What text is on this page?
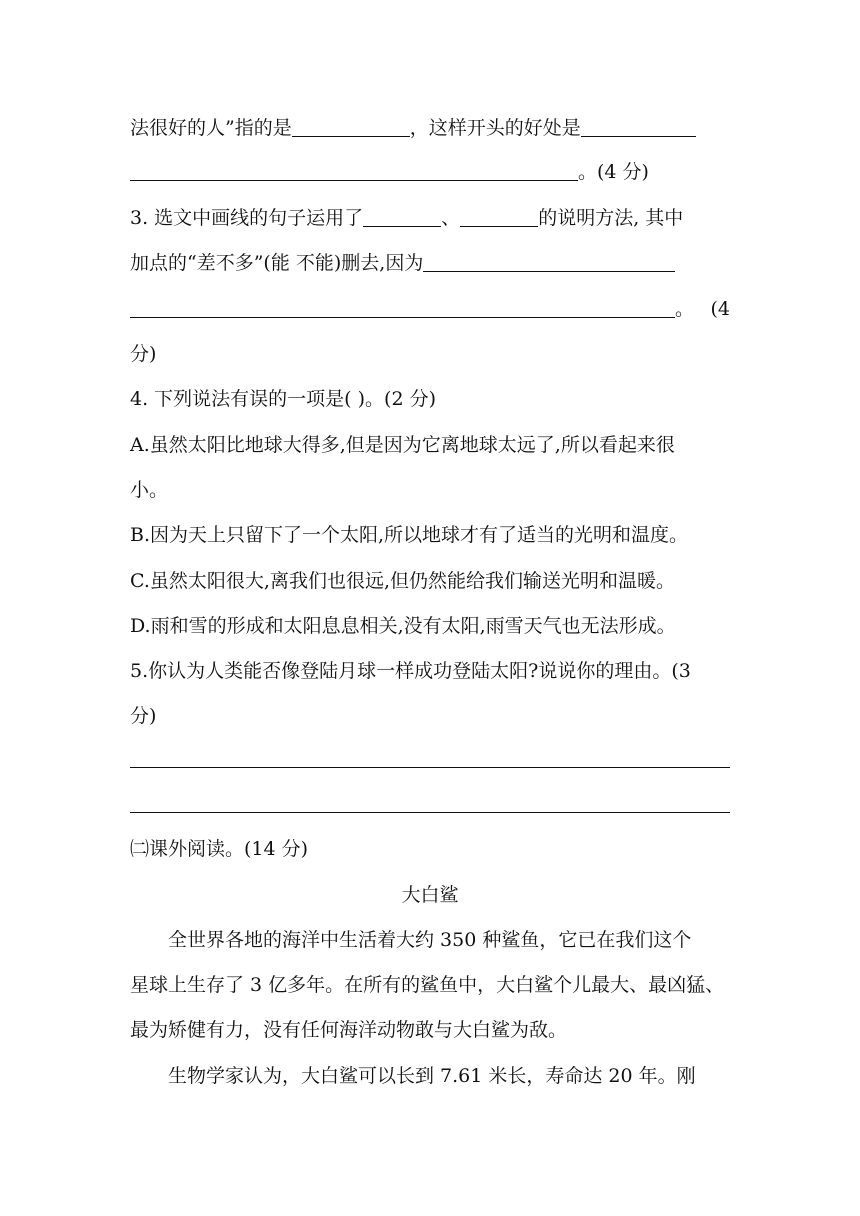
法很好的人”指的是	，这样开头的好处是

。(4 分)

3. 选文中画线的句子运用了	、	的说明方法, 其中

加点的“差不多”(能 不能)删去,因为

。 (4

分)

4. 下列说法有误的一项是( )。(2 分)

A.虽然太阳比地球大得多,但是因为它离地球太远了,所以看起来很

小。

B.因为天上只留下了一个太阳,所以地球才有了适当的光明和温度。

C.虽然太阳很大,离我们也很远,但仍然能给我们输送光明和温暖。

D.雨和雪的形成和太阳息息相关,没有太阳,雨雪天气也无法形成。

5.你认为人类能否像登陆月球一样成功登陆太阳?说说你的理由。(3

分)

㈡课外阅读。(14 分)

大白鲨

全世界各地的海洋中生活着大约 350 种鲨鱼，它已在我们这个

星球上生存了 3 亿多年。在所有的鲨鱼中，大白鲨个儿最大、最凶猛、

最为矫健有力，没有任何海洋动物敢与大白鲨为敌。

生物学家认为，大白鲨可以长到 7.61 米长，寿命达 20 年。刚
